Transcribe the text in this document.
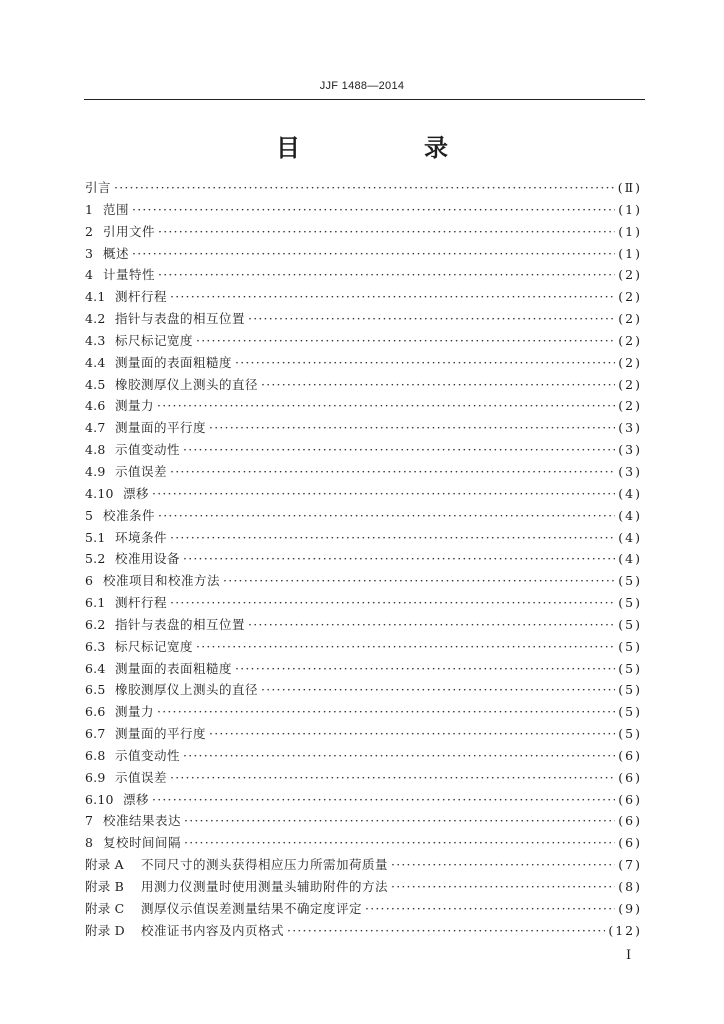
JJF 1488—2014
目　录
引言 ·····	(Ⅱ)
1 范围 ·····	(1)
2 引用文件 ·····	(1)
3 概述 ·····	(1)
4 计量特性 ·····	(2)
4.1 测杆行程 ·····	(2)
4.2 指针与表盘的相互位置 ·····	(2)
4.3 标尺标记宽度 ·····	(2)
4.4 测量面的表面粗糙度 ·····	(2)
4.5 橡胶测厚仪上测头的直径 ·····	(2)
4.6 测量力 ·····	(2)
4.7 测量面的平行度 ·····	(3)
4.8 示值变动性 ·····	(3)
4.9 示值误差 ·····	(3)
4.10 漂移 ·····	(4)
5 校准条件 ·····	(4)
5.1 环境条件 ·····	(4)
5.2 校准用设备 ·····	(4)
6 校准项目和校准方法 ·····	(5)
6.1 测杆行程 ·····	(5)
6.2 指针与表盘的相互位置 ·····	(5)
6.3 标尺标记宽度 ·····	(5)
6.4 测量面的表面粗糙度 ·····	(5)
6.5 橡胶测厚仪上测头的直径 ·····	(5)
6.6 测量力 ·····	(5)
6.7 测量面的平行度 ·····	(5)
6.8 示值变动性 ·····	(6)
6.9 示值误差 ·····	(6)
6.10 漂移 ·····	(6)
7 校准结果表达 ·····	(6)
8 复校时间间隔 ·····	(6)
附录 A	不同尺寸的测头获得相应压力所需加荷质量 ·····	(7)
附录 B	用测力仪测量时使用测量头辅助附件的方法 ·····	(8)
附录 C	测厚仪示值误差测量结果不确定度评定 ·····	(9)
附录 D	校准证书内容及内页格式 ·····	(12)
I
